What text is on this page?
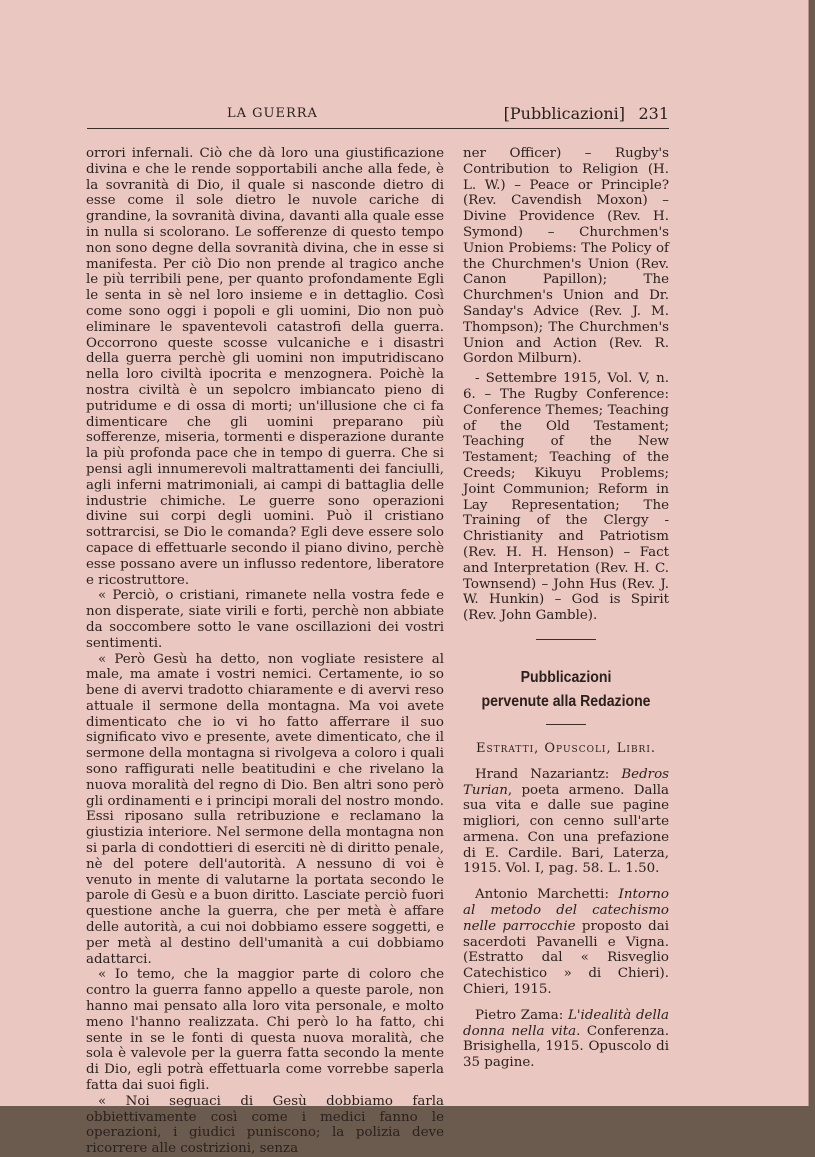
LA GUERRA	[Pubblicazioni] 231

orrori infernali. Ciò che dà loro una giustificazione divina e che le rende sopportabili anche alla fede, è la sovranità di Dio, il quale si nasconde dietro di esse come il sole dietro le nuvole cariche di grandine, la sovranità divina, davanti alla quale esse in nulla si scolorano. Le sofferenze di questo tempo non sono degne della sovranità divina, che in esse si manifesta. Per ciò Dio non prende al tragico anche le più terribili pene, per quanto profondamente Egli le senta in sè nel loro insieme e in dettaglio. Così come sono oggi i popoli e gli uomini, Dio non può eliminare le spaventevoli catastrofi della guerra. Occorrono queste scosse vulcaniche e i disastri della guerra perchè gli uomini non imputridiscano nella loro civiltà ipocrita e menzognera. Poichè la nostra civiltà è un sepolcro imbiancato pieno di putridume e di ossa di morti; un'illusione che ci fa dimenticare che gli uomini preparano più sofferenze, miseria, tormenti e disperazione durante la più profonda pace che in tempo di guerra. Che si pensi agli innumerevoli maltrattamenti dei fanciulli, agli inferni matrimoniali, ai campi di battaglia delle industrie chimiche. Le guerre sono operazioni divine sui corpi degli uomini. Può il cristiano sottrarcisi, se Dio le comanda? Egli deve essere solo capace di effettuarle secondo il piano divino, perchè esse possano avere un influsso redentore, liberatore e ricostruttore.

« Perciò, o cristiani, rimanete nella vostra fede e non disperate, siate virili e forti, perchè non abbiate da soccombere sotto le vane oscillazioni dei vostri sentimenti.

« Però Gesù ha detto, non vogliate resistere al male, ma amate i vostri nemici. Certamente, io so bene di avervi tradotto chiaramente e di avervi reso attuale il sermone della montagna. Ma voi avete dimenticato che io vi ho fatto afferrare il suo significato vivo e presente, avete dimenticato, che il sermone della montagna si rivolgeva a coloro i quali sono raffigurati nelle beatitudini e che rivelano la nuova moralità del regno di Dio. Ben altri sono però gli ordinamenti e i principi morali del nostro mondo. Essi riposano sulla retribuzione e reclamano la giustizia interiore. Nel sermone della montagna non si parla di condottieri di eserciti nè di diritto penale, nè del potere dell'autorità. A nessuno di voi è venuto in mente di valutarne la portata secondo le parole di Gesù e a buon diritto. Lasciate perciò fuori questione anche la guerra, che per metà è affare delle autorità, a cui noi dobbiamo essere soggetti, e per metà al destino dell'umanità a cui dobbiamo adattarci.

« Io temo, che la maggior parte di coloro che contro la guerra fanno appello a queste parole, non hanno mai pensato alla loro vita personale, e molto meno l'hanno realizzata. Chi però lo ha fatto, chi sente in se le fonti di questa nuova moralità, che sola è valevole per la guerra fatta secondo la mente di Dio, egli potrà effettuarla come vorrebbe saperla fatta dai suoi figli.

« Noi seguaci di Gesù dobbiamo farla obbiettivamente così come i medici fanno le operazioni, i giudici puniscono; la polizia deve ricorrere alle costrizioni, senza

ner Officer) – Rugby's Contribution to Religion (H. L. W.) – Peace or Principle? (Rev. Cavendish Moxon) – Divine Providence (Rev. H. Symond) – Churchmen's Union Probiems: The Policy of the Churchmen's Union (Rev. Canon Papillon); The Churchmen's Union and Dr. Sanday's Advice (Rev. J. M. Thompson); The Churchmen's Union and Action (Rev. R. Gordon Milburn).

- Settembre 1915, Vol. V, n. 6. – The Rugby Conference: Conference Themes; Teaching of the Old Testament; Teaching of the New Testament; Teaching of the Creeds; Kikuyu Problems; Joint Communion; Reform in Lay Representation; The Training of the Clergy - Christianity and Patriotism (Rev. H. H. Henson) – Fact and Interpretation (Rev. H. C. Townsend) – John Hus (Rev. J. W. Hunkin) – God is Spirit (Rev. John Gamble).

Pubblicazioni
pervenute alla Redazione
Estratti, Opuscoli, Libri.

Hrand Nazariantz: Bedros Turian, poeta armeno. Dalla sua vita e dalle sue pagine migliori, con cenno sull'arte armena. Con una prefazione di E. Cardile. Bari, Laterza, 1915. Vol. I, pag. 58. L. 1.50.

Antonio Marchetti: Intorno al metodo del catechismo nelle parrocchie proposto dai sacerdoti Pavanelli e Vigna. (Estratto dal « Risveglio Catechistico » di Chieri). Chieri, 1915.

Pietro Zama: L'idealità della donna nella vita. Conferenza. Brisighella, 1915. Opuscolo di 35 pagine.
